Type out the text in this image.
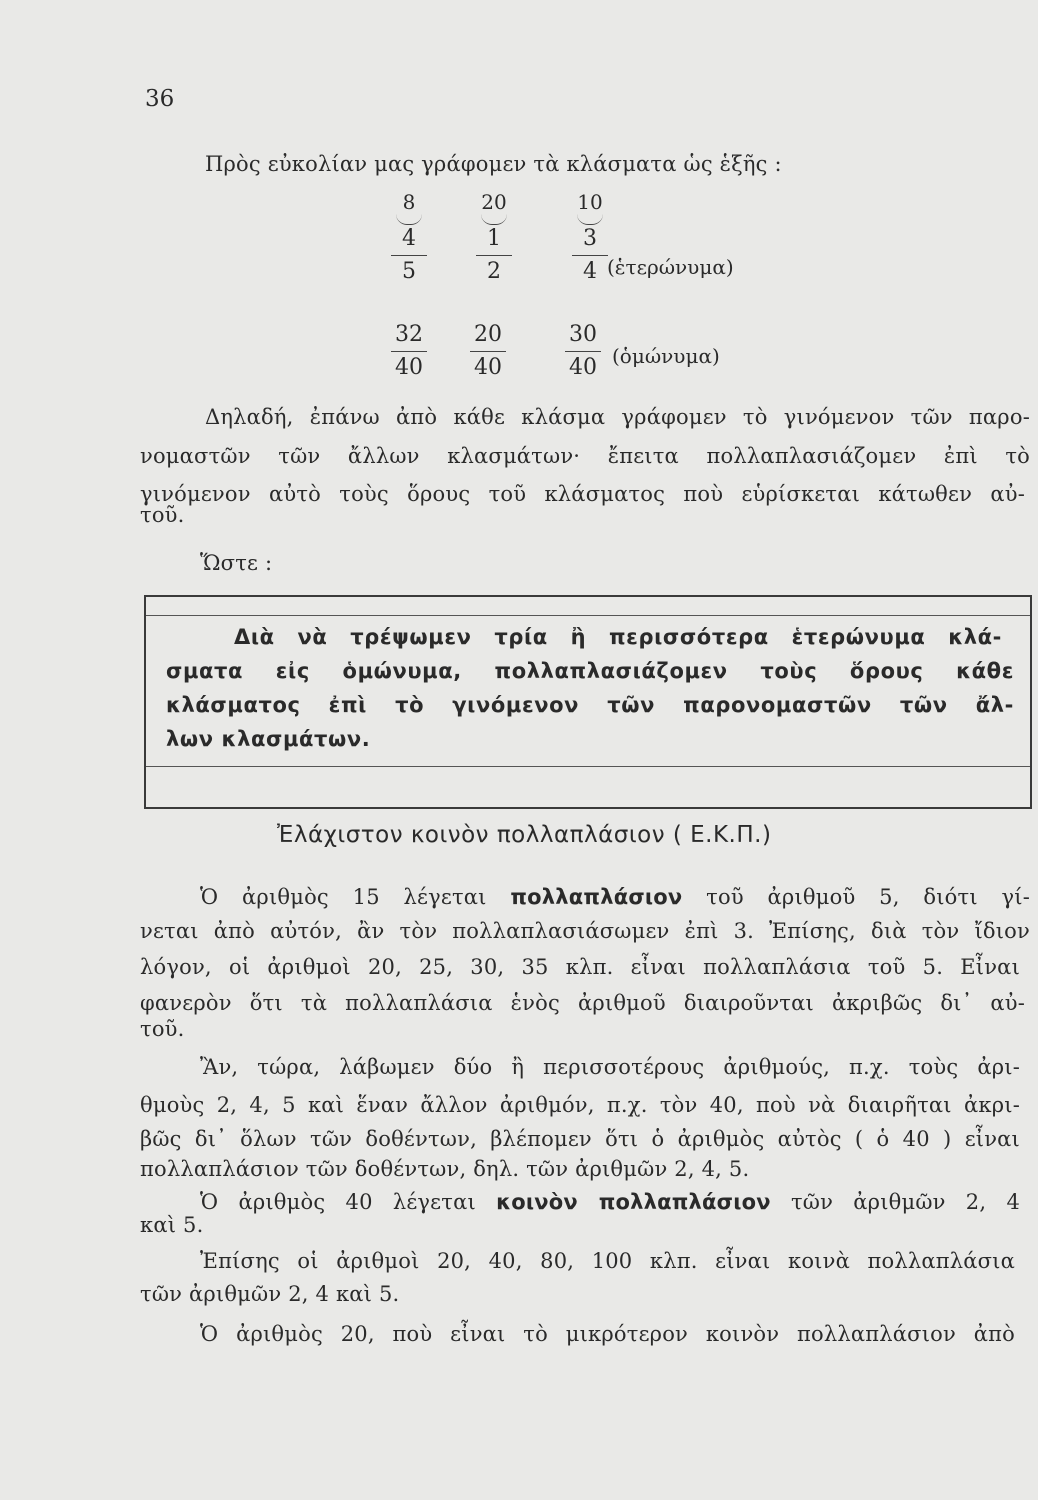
36
Πρὸς εὐκολίαν μας γράφομεν τὰ κλάσματα ὡς ἑξῆς :
8
4
5
20
1
2
10
3
4 (ἑτερώνυμα)
32
40
20
40
30
40 (ὁμώνυμα)
Δηλαδή, ἐπάνω ἀπὸ κάθε κλάσμα γράφομεν τὸ γινόμενον τῶν παρο-
νομαστῶν τῶν ἄλλων κλασμάτων· ἔπειτα πολλαπλασιάζομεν ἐπὶ τὸ
γινόμενον αὐτὸ τοὺς ὅρους τοῦ κλάσματος ποὺ εὑρίσκεται κάτωθεν αὐ-
τοῦ.
Ὥστε :
Διὰ νὰ τρέψωμεν τρία ἢ περισσότερα ἑτερώνυμα κλά-
σματα εἰς ὁμώνυμα, πολλαπλασιάζομεν τοὺς ὅρους κάθε
κλάσματος ἐπὶ τὸ γινόμενον τῶν παρονομαστῶν τῶν ἄλ-
λων κλασμάτων.
Ἐλάχιστον κοινὸν πολλαπλάσιον ( Ε.Κ.Π.)
Ὁ ἀριθμὸς 15 λέγεται πολλαπλάσιον τοῦ ἀριθμοῦ 5, διότι γί-
νεται ἀπὸ αὐτόν, ἂν τὸν πολλαπλασιάσωμεν ἐπὶ 3. Ἐπίσης, διὰ τὸν ἴδιον
λόγον, οἱ ἀριθμοὶ 20, 25, 30, 35 κλπ. εἶναι πολλαπλάσια τοῦ 5. Εἶναι
φανερὸν ὅτι τὰ πολλαπλάσια ἑνὸς ἀριθμοῦ διαιροῦνται ἀκριβῶς δι᾽ αὐ-
τοῦ.
Ἂν, τώρα, λάβωμεν δύο ἢ περισσοτέρους ἀριθμούς, π.χ. τοὺς ἀρι-
θμοὺς 2, 4, 5 καὶ ἕναν ἄλλον ἀριθμόν, π.χ. τὸν 40, ποὺ νὰ διαιρῆται ἀκρι-
βῶς δι᾽ ὅλων τῶν δοθέντων, βλέπομεν ὅτι ὁ ἀριθμὸς αὐτὸς ( ὁ 40 ) εἶναι
πολλαπλάσιον τῶν δοθέντων, δηλ. τῶν ἀριθμῶν 2, 4, 5.
Ὁ ἀριθμὸς 40 λέγεται κοινὸν πολλαπλάσιον τῶν ἀριθμῶν 2, 4
καὶ 5.
Ἐπίσης οἱ ἀριθμοὶ 20, 40, 80, 100 κλπ. εἶναι κοινὰ πολλαπλάσια
τῶν ἀριθμῶν 2, 4 καὶ 5.
Ὁ ἀριθμὸς 20, ποὺ εἶναι τὸ μικρότερον κοινὸν πολλαπλάσιον ἀπὸ
